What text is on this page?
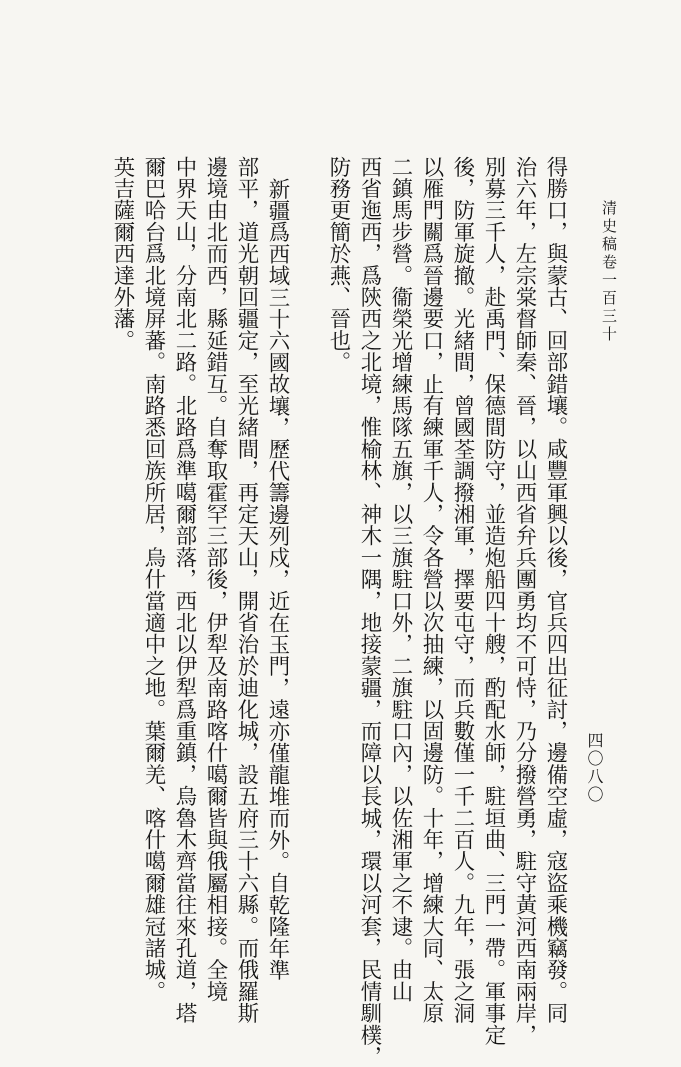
清史稿卷一百三十
四〇八〇
得勝口，與蒙古、回部錯壤。咸豐軍興以後，官兵四出征討，邊備空虛，寇盜乘機竊發。同
治六年，左宗棠督師秦、晉，以山西省弁兵團勇均不可恃，乃分撥營勇，駐守黃河西南兩岸，
別募三千人，赴禹門、保德間防守，並造炮船四十艘，酌配水師，駐垣曲、三門一帶。軍事定
後，防軍旋撤。光緒間，曾國荃調撥湘軍，擇要屯守，而兵數僅一千二百人。九年，張之洞
以雁門關爲晉邊要口，止有練軍千人，令各營以次抽練，以固邊防。十年，增練大同、太原
二鎮馬步營。衞榮光增練馬隊五旗，以三旗駐口外，二旗駐口內，以佐湘軍之不逮。由山
西省迤西，爲陝西之北境，惟榆林、神木一隅，地接蒙疆，而障以長城，環以河套，民情馴樸，
防務更簡於燕、晉也。
新疆爲西域三十六國故壤，歷代籌邊列戍，近在玉門，遠亦僅龍堆而外。自乾隆年準
部平，道光朝回疆定，至光緒間，再定天山，開省治於迪化城，設五府三十六縣。而俄羅斯
邊境由北而西，縣延錯互。自奪取霍罕三部後，伊犁及南路喀什噶爾皆與俄屬相接。全境
中界天山，分南北二路。北路爲準噶爾部落，西北以伊犁爲重鎮，烏魯木齊當往來孔道，塔
爾巴哈台爲北境屏蕃。南路悉回族所居，烏什當適中之地。葉爾羌、喀什噶爾雄冠諸城。
英吉薩爾西達外藩。
